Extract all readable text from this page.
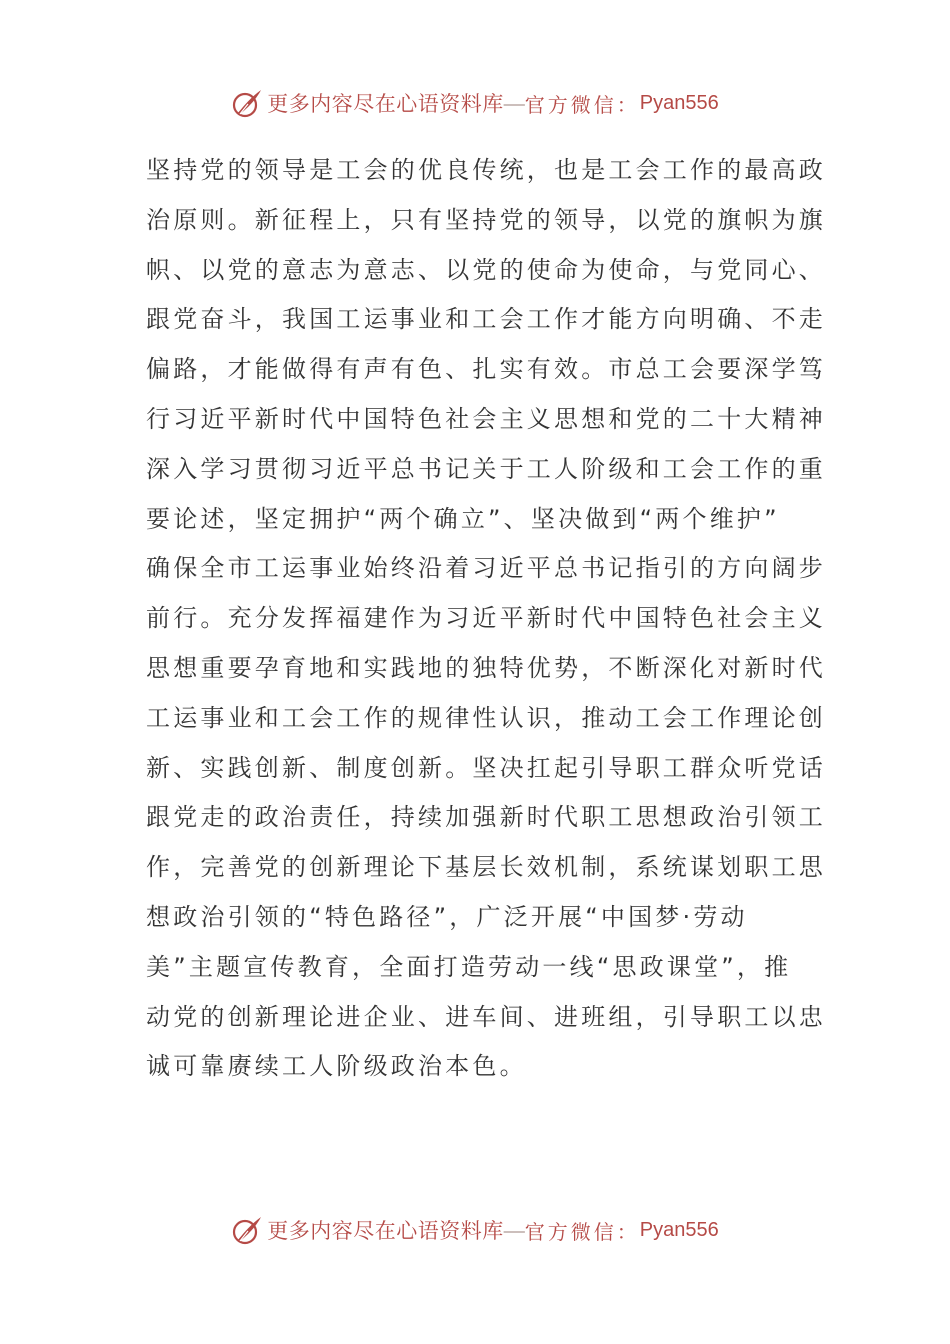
更多内容尽在心语资料库 — 官方微信： Pyan556
坚持党的领导是工会的优良传统，也是工会工作的最高政
治原则。新征程上，只有坚持党的领导，以党的旗帜为旗
帜、以党的意志为意志、以党的使命为使命，与党同心、
跟党奋斗，我国工运事业和工会工作才能方向明确、不走
偏路，才能做得有声有色、扎实有效。市总工会要深学笃
行习近平新时代中国特色社会主义思想和党的二十大精神
深入学习贯彻习近平总书记关于工人阶级和工会工作的重
要论述，坚定拥护“两个确立”、坚决做到“两个维护”
确保全市工运事业始终沿着习近平总书记指引的方向阔步
前行。充分发挥福建作为习近平新时代中国特色社会主义
思想重要孕育地和实践地的独特优势，不断深化对新时代
工运事业和工会工作的规律性认识，推动工会工作理论创
新、实践创新、制度创新。坚决扛起引导职工群众听党话
跟党走的政治责任，持续加强新时代职工思想政治引领工
作，完善党的创新理论下基层长效机制，系统谋划职工思
想政治引领的“特色路径”，广泛开展“中国梦·劳动
美”主题宣传教育，全面打造劳动一线“思政课堂”，推
动党的创新理论进企业、进车间、进班组，引导职工以忠
诚可靠赓续工人阶级政治本色。
更多内容尽在心语资料库 — 官方微信： Pyan556
